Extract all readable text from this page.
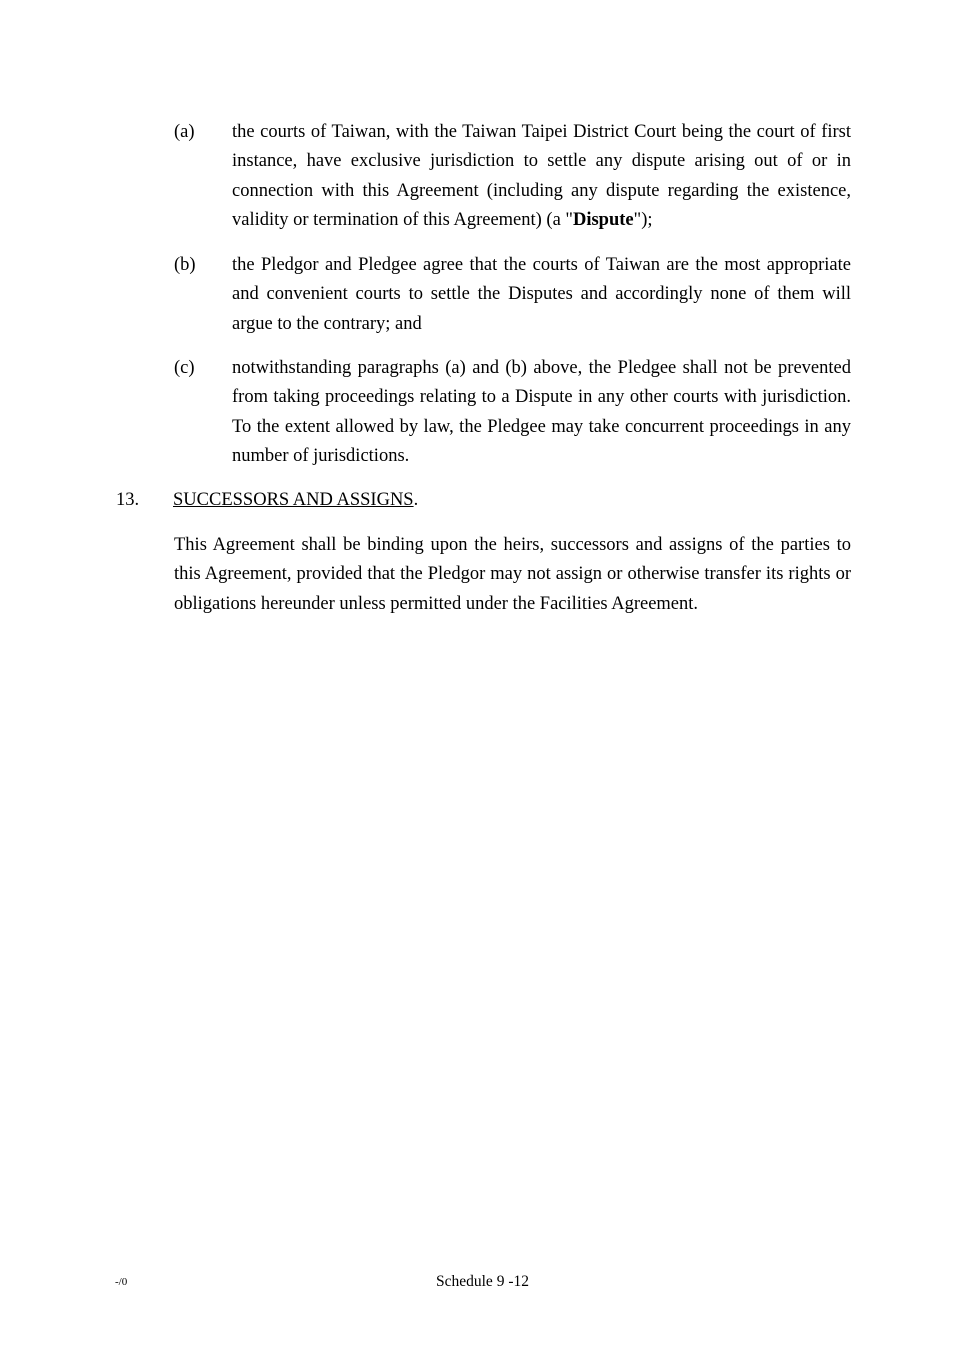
(a) the courts of Taiwan, with the Taiwan Taipei District Court being the court of first instance, have exclusive jurisdiction to settle any dispute arising out of or in connection with this Agreement (including any dispute regarding the existence, validity or termination of this Agreement) (a "Dispute");
(b) the Pledgor and Pledgee agree that the courts of Taiwan are the most appropriate and convenient courts to settle the Disputes and accordingly none of them will argue to the contrary; and
(c) notwithstanding paragraphs (a) and (b) above, the Pledgee shall not be prevented from taking proceedings relating to a Dispute in any other courts with jurisdiction. To the extent allowed by law, the Pledgee may take concurrent proceedings in any number of jurisdictions.
13. SUCCESSORS AND ASSIGNS.
This Agreement shall be binding upon the heirs, successors and assigns of the parties to this Agreement, provided that the Pledgor may not assign or otherwise transfer its rights or obligations hereunder unless permitted under the Facilities Agreement.
-/0	Schedule 9 -12
